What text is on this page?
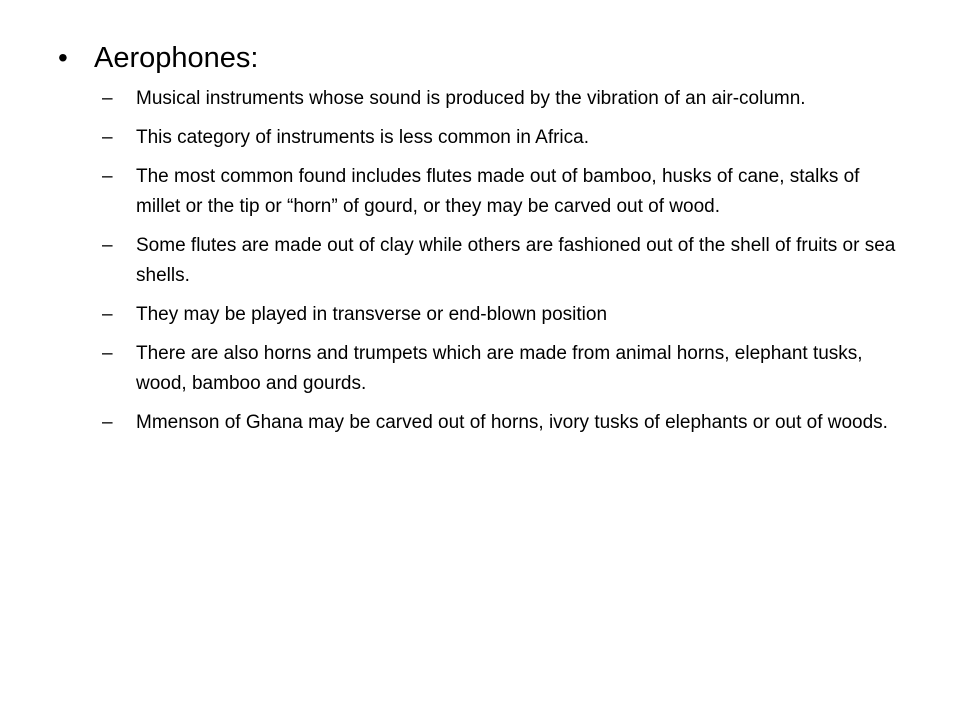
• Aerophones:
–	Musical instruments whose sound is produced by the vibration of an air-column.
–	This category of instruments is less common in Africa.
–	The most common found includes flutes made out of bamboo, husks of cane, stalks of millet or the tip or “horn” of gourd, or they may be carved out of wood.
–	Some flutes are made out of clay while others are fashioned out of the shell of fruits or sea shells.
–	They may be played in transverse or end-blown position
–	There are also horns and trumpets which are made from animal horns, elephant tusks, wood, bamboo and gourds.
–	Mmenson of Ghana may be carved out of horns, ivory tusks of elephants or out of woods.
